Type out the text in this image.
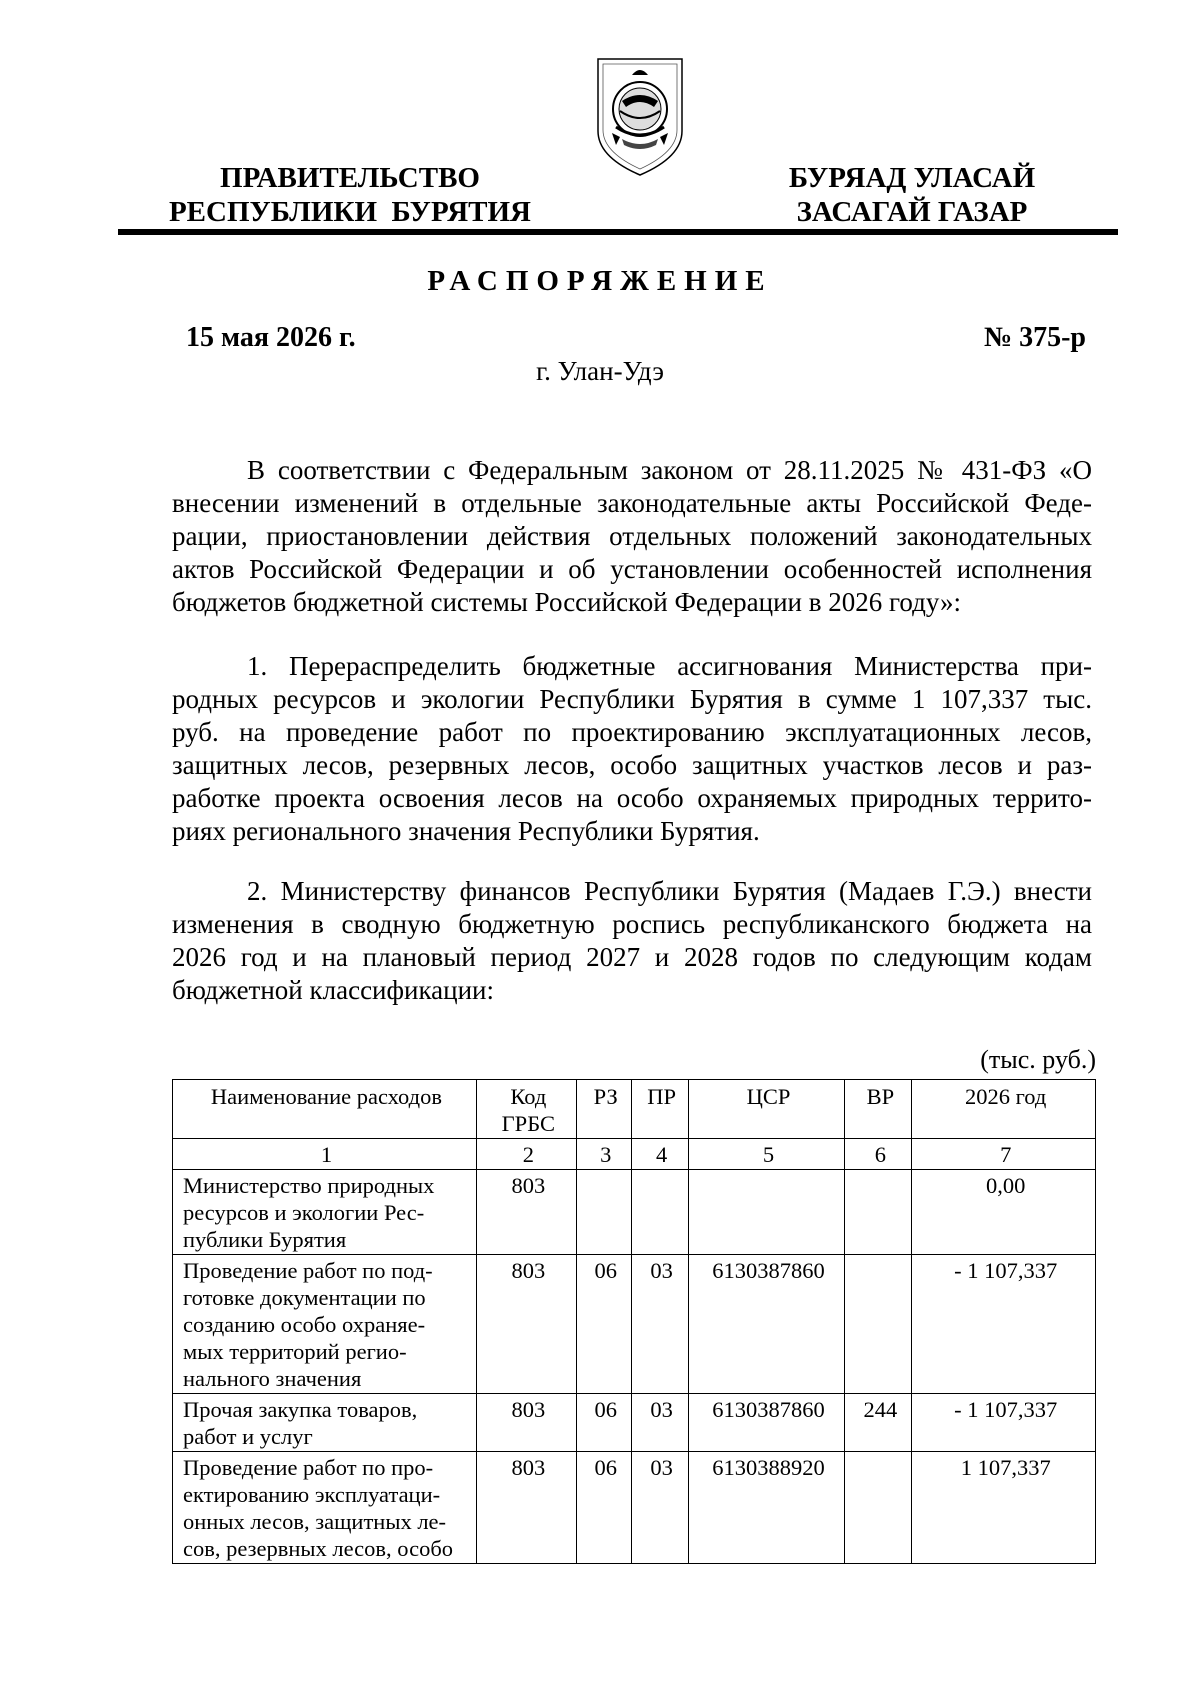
ПРАВИТЕЛЬСТВО
РЕСПУБЛИКИ  БУРЯТИЯ
БУРЯАД УЛАСАЙ
ЗАСАГАЙ ГАЗАР
РАСПОРЯЖЕНИЕ
15 мая 2026 г.	№ 375-р
г. Улан-Удэ
В соответствии с Федеральным законом от 28.11.2025 № 431-ФЗ «О
внесении изменений в отдельные законодательные акты Российской Феде-
рации, приостановлении действия отдельных положений законодательных
актов Российской Федерации и об установлении особенностей исполнения
бюджетов бюджетной системы Российской Федерации в 2026 году»:
1. Перераспределить бюджетные ассигнования Министерства при-
родных ресурсов и экологии Республики Бурятия в сумме 1 107,337 тыс.
руб. на проведение работ по проектированию эксплуатационных лесов,
защитных лесов, резервных лесов, особо защитных участков лесов и раз-
работке проекта освоения лесов на особо охраняемых природных террито-
риях регионального значения Республики Бурятия.
2. Министерству финансов Республики Бурятия (Мадаев Г.Э.) внести
изменения в сводную бюджетную роспись республиканского бюджета на
2026 год и на плановый период 2027 и 2028 годов по следующим кодам
бюджетной классификации:
(тыс. руб.)
Наименование расходов	Код
ГРБС	РЗ	ПР	ЦСР	ВР	2026 год
1	2	3	4	5	6	7

Министерство природных
ресурсов и экологии Рес-
публики Бурятия	803					0,00

Проведение работ по под-
готовке документации по
созданию особо охраняе-
мых территорий регио-
нального значения	803	06	03	6130387860		- 1 107,337

Прочая закупка товаров,
работ и услуг	803	06	03	6130387860	244	- 1 107,337

Проведение работ по про-
ектированию эксплуатаци-
онных лесов, защитных ле-
сов, резервных лесов, особо	803	06	03	6130388920		1 107,337
